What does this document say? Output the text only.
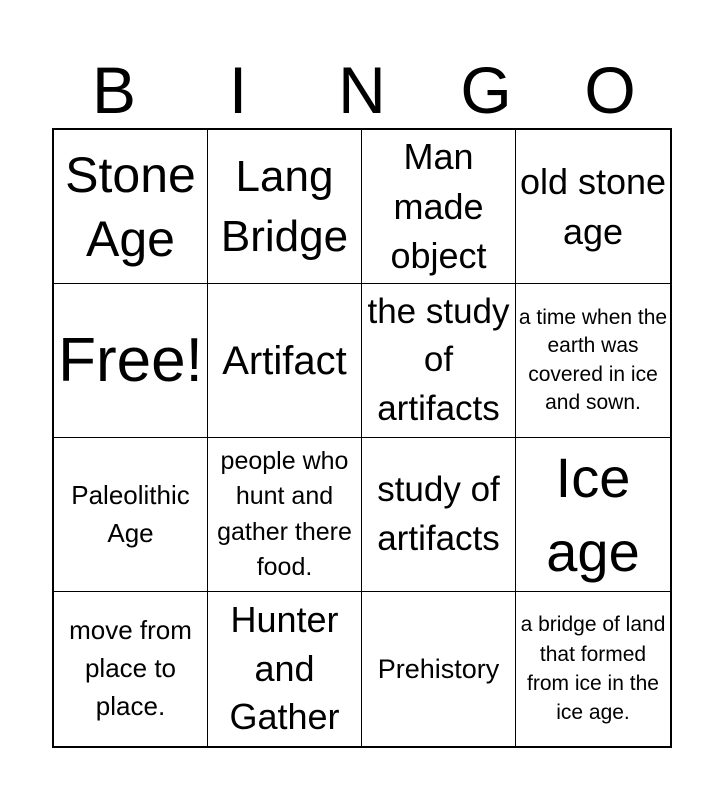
B	I	N	G	O
Stone Age
Lang Bridge
Man made object
old stone age
Free! Artifact
the study of artifacts
a time when the earth was covered in ice and sown.
Paleolithic Age
people who hunt and gather there food.
study of artifacts
Ice age
move from place to place.
Hunter and Gather
Prehistory
a bridge of land that formed from ice in the ice age.
